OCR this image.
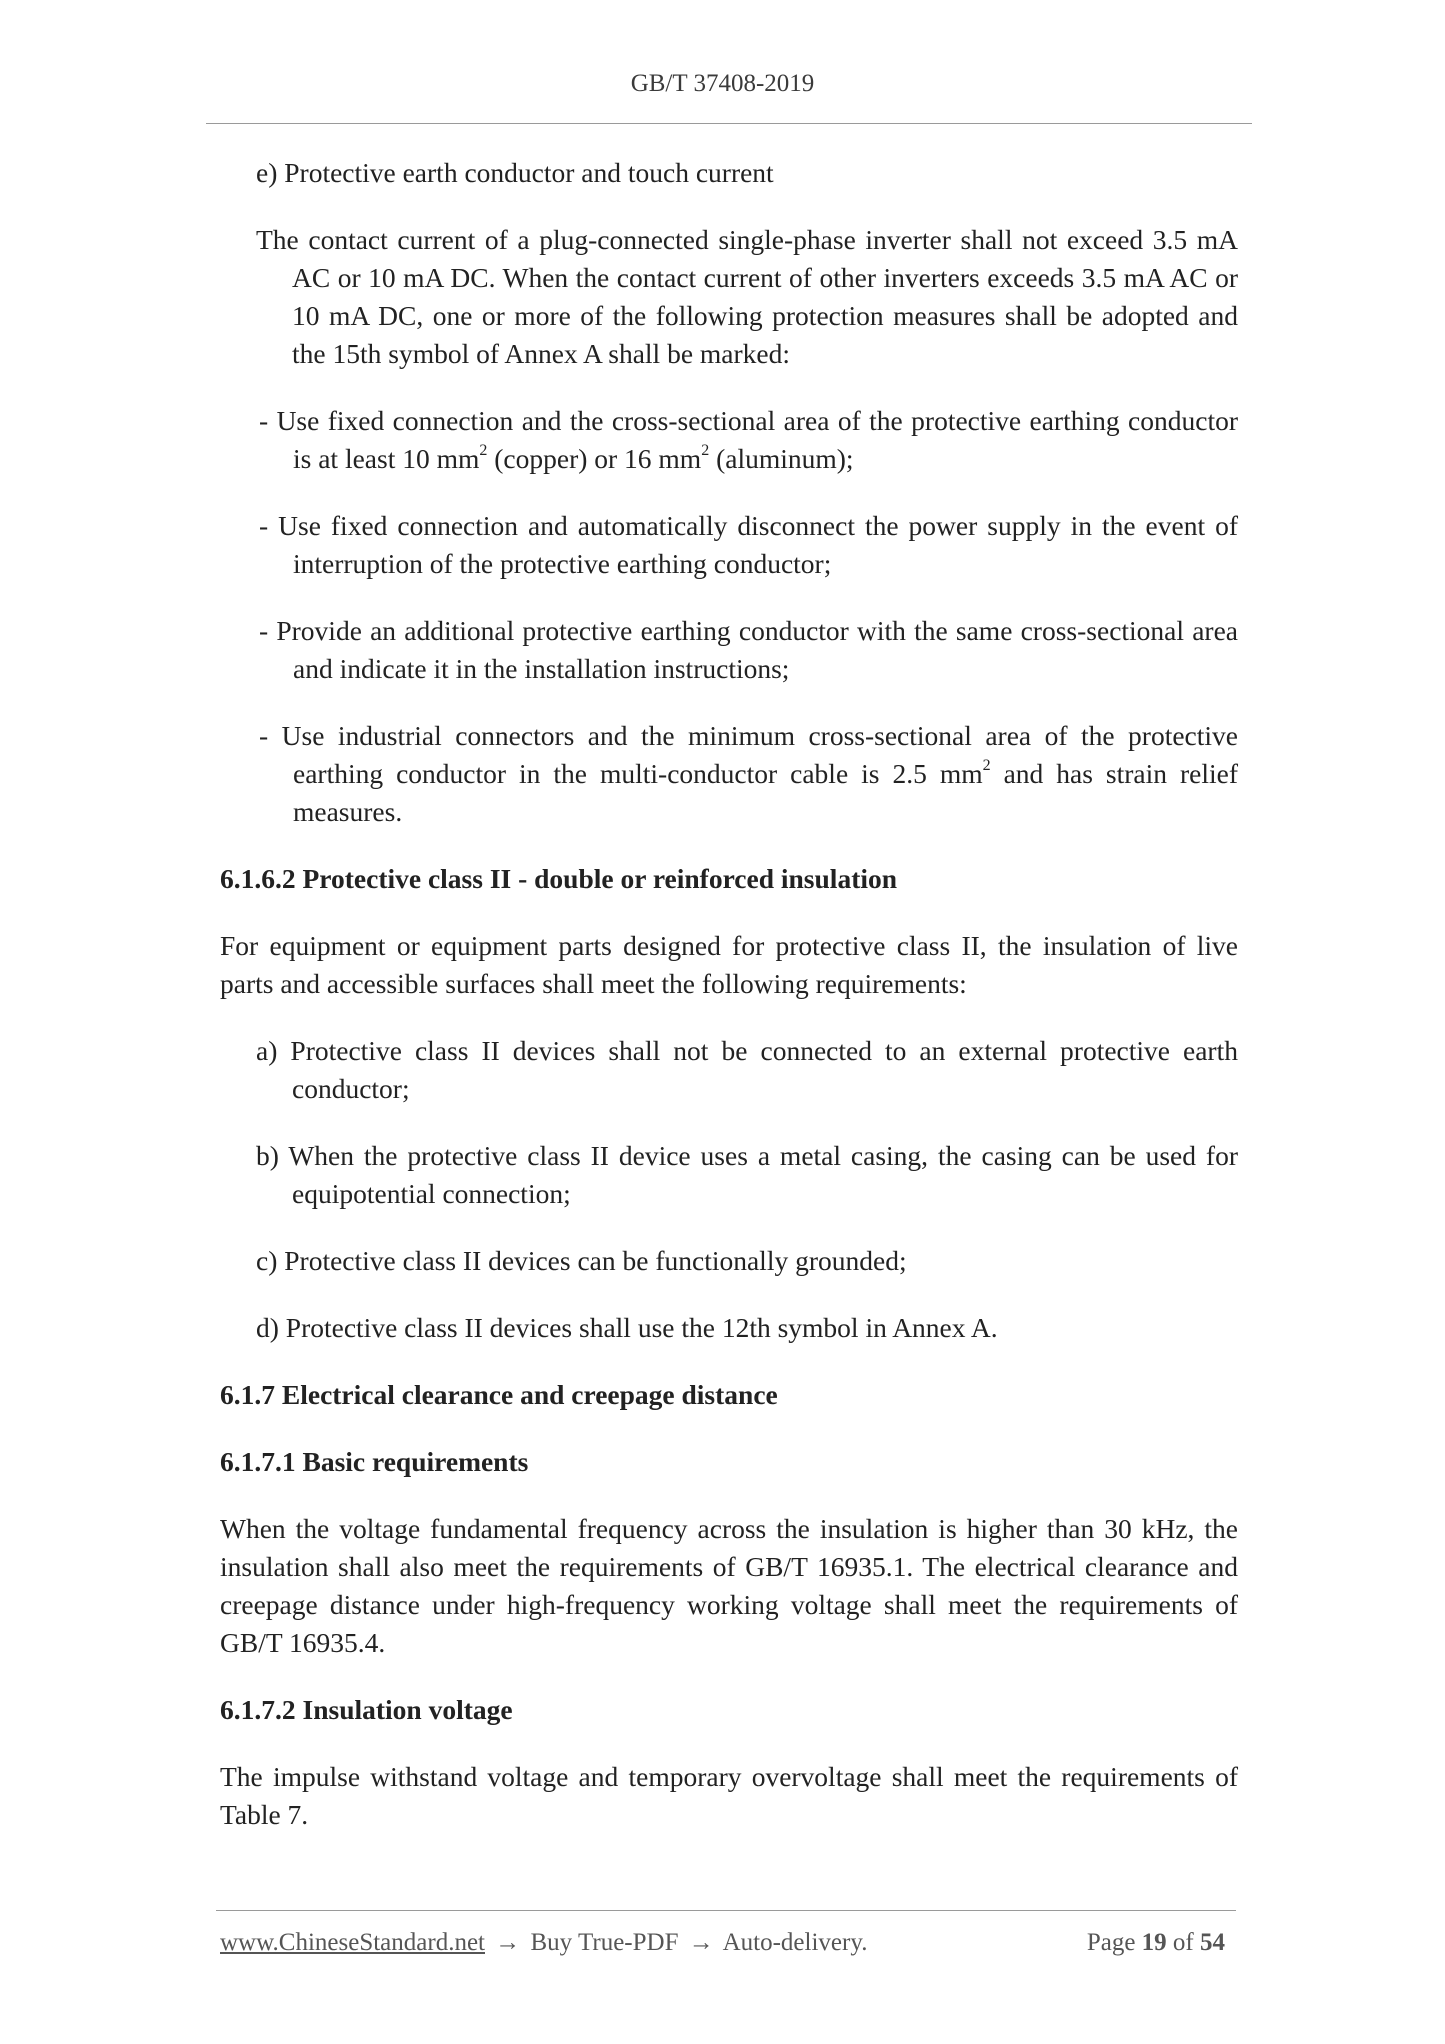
GB/T 37408-2019

e) Protective earth conductor and touch current

The contact current of a plug-connected single-phase inverter shall not exceed 3.5 mA AC or 10 mA DC. When the contact current of other inverters exceeds 3.5 mA AC or 10 mA DC, one or more of the following protection measures shall be adopted and the 15th symbol of Annex A shall be marked:

- Use fixed connection and the cross-sectional area of the protective earthing conductor is at least 10 $mm^2$ (copper) or 16 $mm^2$ (aluminum);

- Use fixed connection and automatically disconnect the power supply in the event of interruption of the protective earthing conductor;

- Provide an additional protective earthing conductor with the same cross-sectional area and indicate it in the installation instructions;

- Use industrial connectors and the minimum cross-sectional area of the protective earthing conductor in the multi-conductor cable is 2.5 $mm^2$ and has strain relief measures.

6.1.6.2 Protective class II - double or reinforced insulation

For equipment or equipment parts designed for protective class II, the insulation of live parts and accessible surfaces shall meet the following requirements:

a) Protective class II devices shall not be connected to an external protective earth conductor;

b) When the protective class II device uses a metal casing, the casing can be used for equipotential connection;

c) Protective class II devices can be functionally grounded;

d) Protective class II devices shall use the 12th symbol in Annex A.

6.1.7 Electrical clearance and creepage distance

6.1.7.1 Basic requirements

When the voltage fundamental frequency across the insulation is higher than 30 kHz, the insulation shall also meet the requirements of GB/T 16935.1. The electrical clearance and creepage distance under high-frequency working voltage shall meet the requirements of GB/T 16935.4.

6.1.7.2 Insulation voltage

The impulse withstand voltage and temporary overvoltage shall meet the requirements of Table 7.

www.ChineseStandard.net → Buy True-PDF → Auto-delivery.	Page 19 of 54
